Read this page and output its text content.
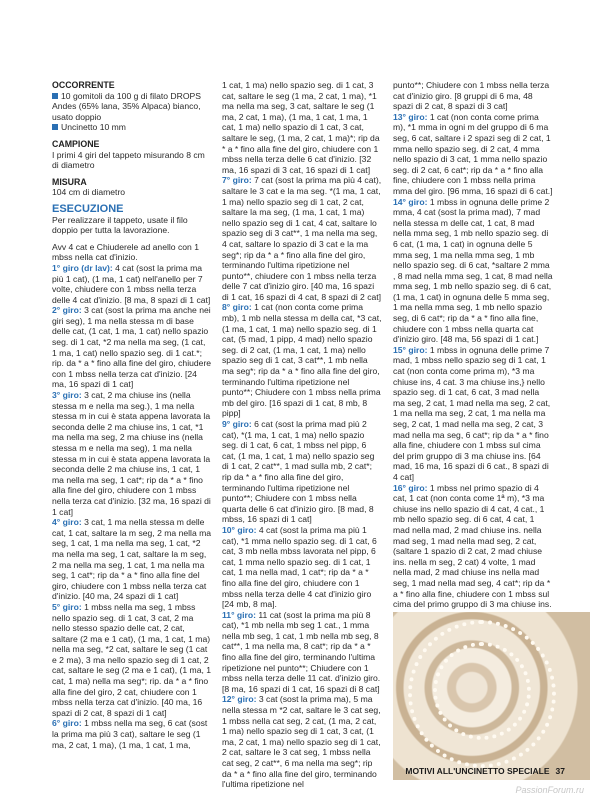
OCCORRENTE

10 gomitoli da 100 g di filato DROPS Andes (65% lana, 35% Alpaca) bianco, usato doppio

Uncinetto 10 mm

CAMPIONE

I primi 4 giri del tappeto misurando 8 cm di diametro

MISURA

104 cm di diametro

ESECUZIONE

Per realizzare il tappeto, usate il filo doppio per tutta la lavorazione.

Avv 4 cat e Chiuderele ad anello con 1 mbss nella cat d'inizio.

1° giro (dr lav): 4 cat (sost la prima ma più 1 cat), (1 ma, 1 cat) nell'anello per 7 volte, chiudere con 1 mbss nella terza delle 4 cat d'inizio. [8 ma, 8 spazi di 1 cat]
2° giro: 3 cat (sost la prima ma anche nei giri seg), 1 ma nella stessa m di base delle cat, (1 cat, 1 ma, 1 cat) nello spazio seg. di 1 cat, *2 ma nella ma seg, (1 cat, 1 ma, 1 cat) nello spazio seg. di 1 cat.*; rip. da * a * fino alla fine del giro, chiudere con 1 mbss nella terza cat d'inizio. [24 ma, 16 spazi di 1 cat]
3° giro: 3 cat, 2 ma chiuse ins (nella stessa m e nella ma seg.), 1 ma nella stessa m in cui è stata appena lavorata la seconda delle 2 ma chiuse ins, 1 cat, *1 ma nella ma seg, 2 ma chiuse ins (nella stessa m e nella ma seg), 1 ma nella stessa m in cui è stata appena lavorata la seconda delle 2 ma chiuse ins, 1 cat, 1 ma nella ma seg, 1 cat*; rip da * a * fino alla fine del giro, chiudere con 1 mbss nella terza cat d'inizio. [32 ma, 16 spazi di 1 cat]
4° giro: 3 cat, 1 ma nella stessa m delle cat, 1 cat, saltare la m seg, 2 ma nella ma seg, 1 cat, 1 ma nella ma seg, 1 cat, *2 ma nella ma seg, 1 cat, saltare la m seg, 2 ma nella ma seg, 1 cat, 1 ma nella ma seg, 1 cat*; rip da * a * fino alla fine del giro, chiudere con 1 mbss nella terza cat d'inizio. [40 ma, 24 spazi di 1 cat]
5° giro: 1 mbss nella ma seg, 1 mbss nello spazio seg. di 1 cat, 3 cat, 2 ma nello stesso spazio delle cat, 2 cat, saltare (2 ma e 1 cat), (1 ma, 1 cat, 1 ma) nella ma seg, *2 cat, saltare le seg (1 cat e 2 ma), 3 ma nello spazio seg di 1 cat, 2 cat, saltare le seg (2 ma e 1 cat), (1 ma, 1 cat, 1 ma) nella ma seg*; rip. da * a * fino alla fine del giro, 2 cat, chiudere con 1 mbss nella terza cat d'inizio. [40 ma, 16 spazi di 2 cat, 8 spazi di 1 cat]
6° giro: 1 mbss nella ma seg, 6 cat (sost la prima ma più 3 cat), saltare le seg (1 ma, 2 cat, 1 ma), (1 ma, 1 cat, 1 ma,
1 cat, 1 ma) nello spazio seg. di 1 cat, 3 cat, saltare le seg (1 ma, 2 cat, 1 ma), *1 ma nella ma seg, 3 cat, saltare le seg (1 ma, 2 cat, 1 ma), (1 ma, 1 cat, 1 ma, 1 cat, 1 ma) nello spazio di 1 cat, 3 cat, saltare le seg, (1 ma, 2 cat, 1 ma)*; rip da * a * fino alla fine del giro, chiudere con 1 mbss nella terza delle 6 cat d'inizio. [32 ma, 16 spazi di 3 cat, 16 spazi di 1 cat]
7° giro: 7 cat (sost la prima ma più 4 cat), saltare le 3 cat e la ma seg. *(1 ma, 1 cat, 1 ma) nello spazio seg di 1 cat, 2 cat, saltare la ma seg, (1 ma, 1 cat, 1 ma) nello spazio seg di 1 cat, 4 cat, saltare lo spazio seg di 3 cat**, 1 ma nella ma seg, 4 cat, saltare lo spazio di 3 cat e la ma seg*; rip da * a * fino alla fine del giro, terminando l'ultima ripetizione nel punto**, chiudere con 1 mbss nella terza delle 7 cat d'inizio giro. [40 ma, 16 spazi di 1 cat, 16 spazi di 4 cat, 8 spazi di 2 cat]
8° giro: 1 cat (non conta come prima mb), 1 mb nella stessa m della cat, *3 cat, (1 ma, 1 cat, 1 ma) nello spazio seg. di 1 cat, (5 mad, 1 pipp, 4 mad) nello spazio seg. di 2 cat, (1 ma, 1 cat, 1 ma) nello spazio seg di 1 cat, 3 cat**, 1 mb nella ma seg*; rip da * a * fino alla fine del giro, terminando l'ultima ripetizione nel punto**; Chiudere con 1 mbss nella prima mb del giro. [16 spazi di 1 cat, 8 mb, 8 pipp]
9° giro: 6 cat (sost la prima mad più 2 cat), *(1 ma, 1 cat, 1 ma) nello spazio seg. di 1 cat, 6 cat, 1 mbss nel pipp, 6 cat, (1 ma, 1 cat, 1 ma) nello spazio seg di 1 cat, 2 cat**, 1 mad sulla mb, 2 cat*; rip da * a * fino alla fine del giro, terminando l'ultima ripetizione nel punto**; Chiudere con 1 mbss nella quarta delle 6 cat d'inizio giro. [8 mad, 8 mbss, 16 spazi di 1 cat]
10° giro: 4 cat (sost la prima ma più 1 cat), *1 mma nello spazio seg. di 1 cat, 6 cat, 3 mb nella mbss lavorata nel pipp, 6 cat, 1 mma nello spazio seg. di 1 cat, 1 cat, 1 ma nella mad, 1 cat*; rip da * a * fino alla fine del giro, chiudere con 1 mbss nella terza delle 4 cat d'inizio giro [24 mb, 8 ma].
11° giro: 11 cat (sost la prima ma più 8 cat), *1 mb nella mb seg 1 cat., 1 mma nella mb seg, 1 cat, 1 mb nella mb seg, 8 cat**, 1 ma nella ma, 8 cat*; rip da * a * fino alla fine del giro, terminando l'ultima ripetizione nel punto**; Chiudere con 1 mbss nella terza delle 11 cat. d'inizio giro. [8 ma, 16 spazi di 1 cat, 16 spazi di 8 cat]
12° giro: 3 cat (sost la prima ma), 5 ma nella stessa m *2 cat, saltare le 3 cat seg, 1 mbss nella cat seg, 2 cat, (1 ma, 2 cat, 1 ma) nello spazio seg di 1 cat, 3 cat, (1 ma, 2 cat, 1 ma) nello spazio seg di 1 cat, 2 cat, saltare le 3 cat seg, 1 mbss nella cat seg, 2 cat**, 6 ma nella ma seg*; rip da * a * fino alla fine del giro, terminando l'ultima ripetizione nel
punto**; Chiudere con 1 mbss nella terza cat d'inizio giro. [8 gruppi di 6 ma, 48 spazi di 2 cat, 8 spazi di 3 cat]
13° giro: 1 cat (non conta come prima m), *1 mma in ogni m del gruppo di 6 ma seg, 6 cat, saltare i 2 spazi seg di 2 cat, 1 mma nello spazio seg. di 2 cat, 4 mma nello spazio di 3 cat, 1 mma nello spazio seg. di 2 cat, 6 cat*; rip da * a * fino alla fine, chiudere con 1 mbss nella prima mma del giro. [96 mma, 16 spazi di 6 cat.]
14° giro: 1 mbss in ognuna delle prime 2 mma, 4 cat (sost la prima mad), 7 mad nella stessa m delle cat, 1 cat, 8 mad nella mma seg, 1 mb nello spazio seg. di 6 cat, (1 ma, 1 cat) in ognuna delle 5 mma seg, 1 ma nella mma seg, 1 mb nello spazio seg. di 6 cat, *saltare 2 mma , 8 mad nella mma seg, 1 cat, 8 mad nella mma seg, 1 mb nello spazio seg. di 6 cat, (1 ma, 1 cat) in ognuna delle 5 mma seg, 1 ma nella mma seg, 1 mb nello spazio seg, di 6 cat*; rip da * a * fino alla fine, chiudere con 1 mbss nella quarta cat d'inizio giro. [48 ma, 56 spazi di 1 cat.]
15° giro: 1 mbss in ognuna delle prime 7 mad, 1 mbss nello spazio seg di 1 cat, 1 cat (non conta come prima m), *3 ma chiuse ins, 4 cat. 3 ma chiuse ins,} nello spazio seg. di 1 cat, 6 cat, 3 mad nella ma seg, 2 cat, 1 mad nella ma seg, 2 cat, 1 ma nella ma seg, 2 cat, 1 ma nella ma seg, 2 cat, 1 mad nella ma seg, 2 cat, 3 mad nella ma seg, 6 cat*; rip da * a * fino alla fine, chiudere con 1 mbss sul cima del prim gruppo di 3 ma chiuse ins. [64 mad, 16 ma, 16 spazi di 6 cat., 8 spazi di 4 cat]
16° giro: 1 mbss nel primo spazio di 4 cat, 1 cat (non conta come 1ª m), *3 ma chiuse ins nello spazio di 4 cat, 4 cat., 1 mb nello spazio seg. di 6 cat, 4 cat, 1 mad nella mad, 2 mad chiuse ins. nella mad seg, 1 mad nella mad seg, 2 cat, (saltare 1 spazio di 2 cat, 2 mad chiuse ins. nella m seg, 2 cat) 4 volte, 1 mad nella mad, 2 mad chiuse ins nella mad seg, 1 mad nella mad seg, 4 cat*; rip da * a * fino alla fine, chiudere con 1 mbss sul cima del primo gruppo di 3 ma chiuse ins.
MOTIVI ALL'UNCINETTO SPECIALE 37
PassionForum.ru
